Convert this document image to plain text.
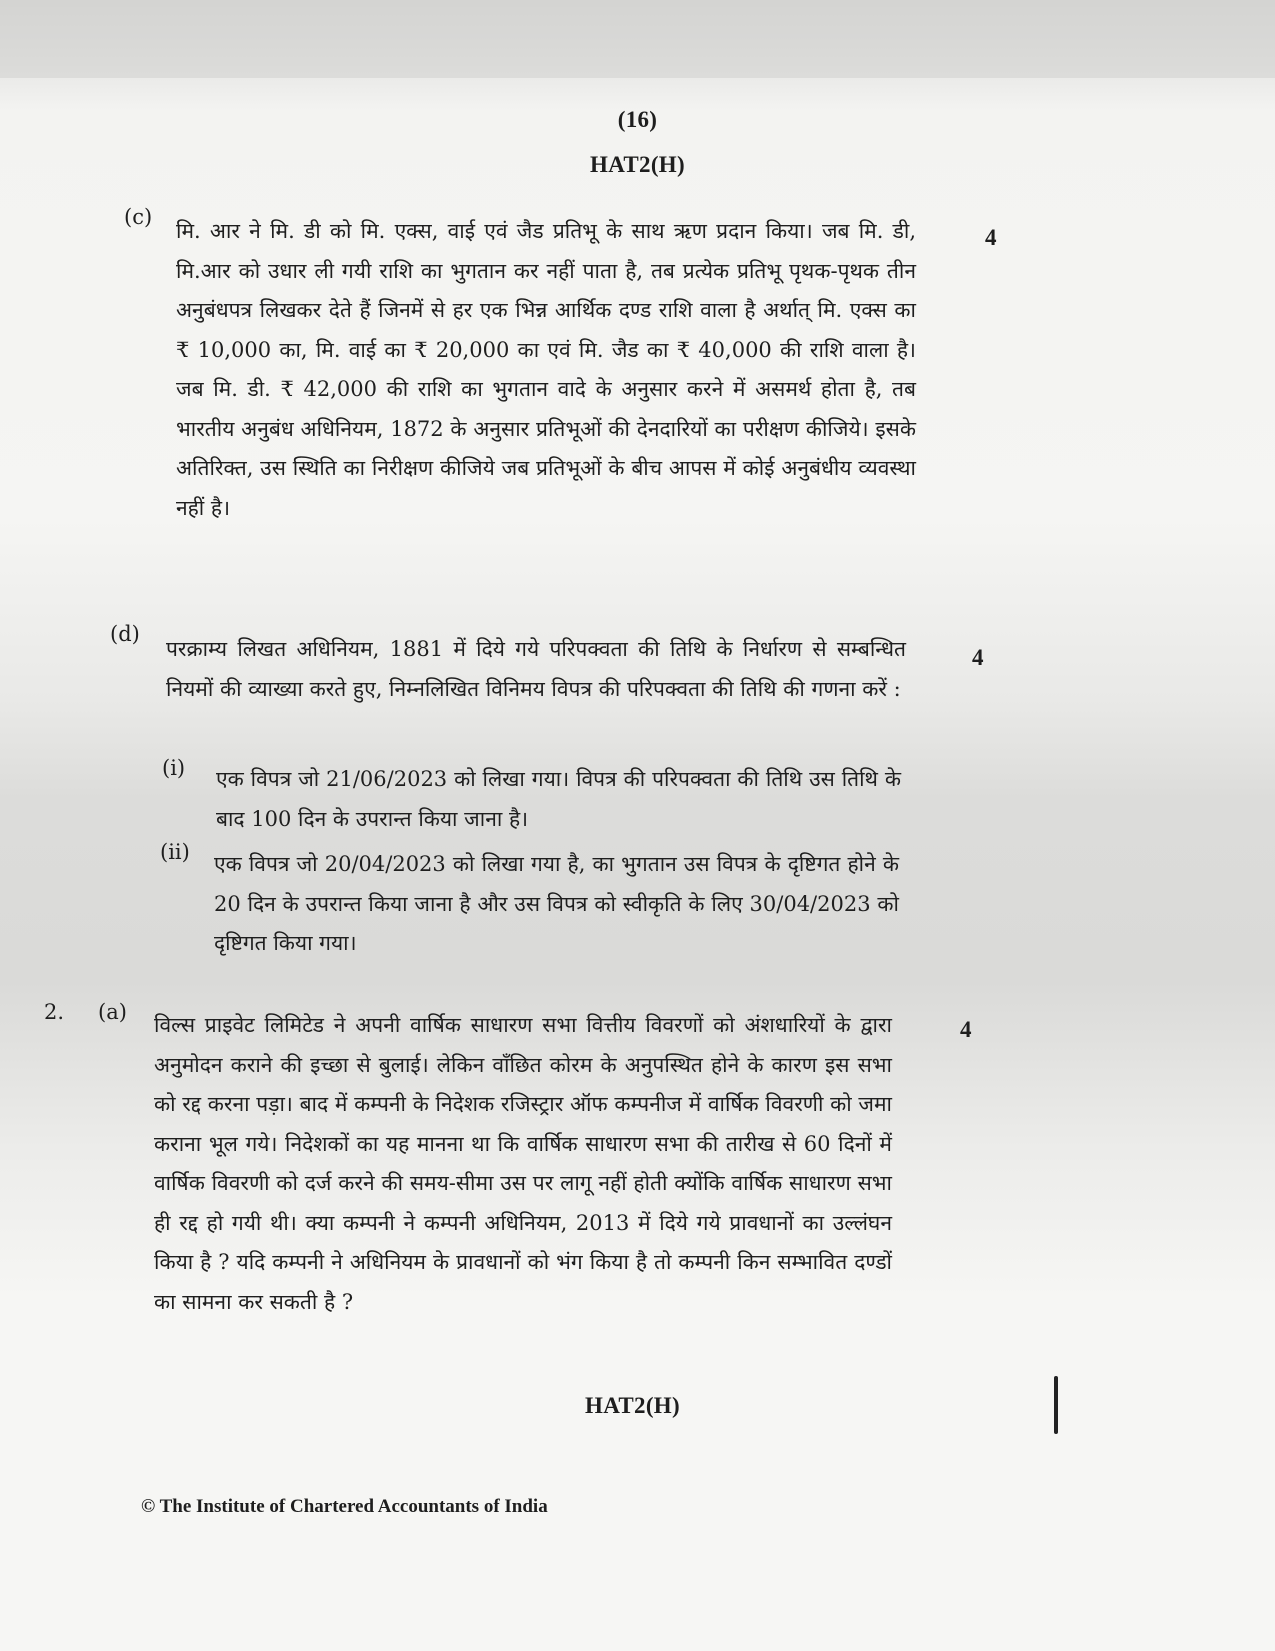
(16)
HAT2(H)
(c)
मि. आर ने मि. डी को मि. एक्स, वाई एवं जैड प्रतिभू के साथ ऋण प्रदान किया। जब मि. डी, मि.आर को उधार ली गयी राशि का भुगतान कर नहीं पाता है, तब प्रत्येक प्रतिभू पृथक-पृथक तीन अनुबंधपत्र लिखकर देते हैं जिनमें से हर एक भिन्न आर्थिक दण्ड राशि वाला है अर्थात् मि. एक्स का ₹ 10,000 का, मि. वाई का ₹ 20,000 का एवं मि. जैड का ₹ 40,000 की राशि वाला है। जब मि. डी. ₹ 42,000 की राशि का भुगतान वादे के अनुसार करने में असमर्थ होता है, तब भारतीय अनुबंध अधिनियम, 1872 के अनुसार प्रतिभूओं की देनदारियों का परीक्षण कीजिये। इसके अतिरिक्त, उस स्थिति का निरीक्षण कीजिये जब प्रतिभूओं के बीच आपस में कोई अनुबंधीय व्यवस्था नहीं है।
4
(d)
परक्राम्य लिखत अधिनियम, 1881 में दिये गये परिपक्वता की तिथि के निर्धारण से सम्बन्धित नियमों की व्याख्या करते हुए, निम्नलिखित विनिमय विपत्र की परिपक्वता की तिथि की गणना करें :
4
(i) एक विपत्र जो 21/06/2023 को लिखा गया। विपत्र की परिपक्वता की तिथि उस तिथि के बाद 100 दिन के उपरान्त किया जाना है।
(ii) एक विपत्र जो 20/04/2023 को लिखा गया है, का भुगतान उस विपत्र के दृष्टिगत होने के 20 दिन के उपरान्त किया जाना है और उस विपत्र को स्वीकृति के लिए 30/04/2023 को दृष्टिगत किया गया।
2. (a)
विल्स प्राइवेट लिमिटेड ने अपनी वार्षिक साधारण सभा वित्तीय विवरणों को अंशधारियों के द्वारा अनुमोदन कराने की इच्छा से बुलाई। लेकिन वाँछित कोरम के अनुपस्थित होने के कारण इस सभा को रद्द करना पड़ा। बाद में कम्पनी के निदेशक रजिस्ट्रार ऑफ कम्पनीज में वार्षिक विवरणी को जमा कराना भूल गये। निदेशकों का यह मानना था कि वार्षिक साधारण सभा की तारीख से 60 दिनों में वार्षिक विवरणी को दर्ज करने की समय-सीमा उस पर लागू नहीं होती क्योंकि वार्षिक साधारण सभा ही रद्द हो गयी थी। क्या कम्पनी ने कम्पनी अधिनियम, 2013 में दिये गये प्रावधानों का उल्लंघन किया है ? यदि कम्पनी ने अधिनियम के प्रावधानों को भंग किया है तो कम्पनी किन सम्भावित दण्डों का सामना कर सकती है ?
4
HAT2(H)
© The Institute of Chartered Accountants of India
